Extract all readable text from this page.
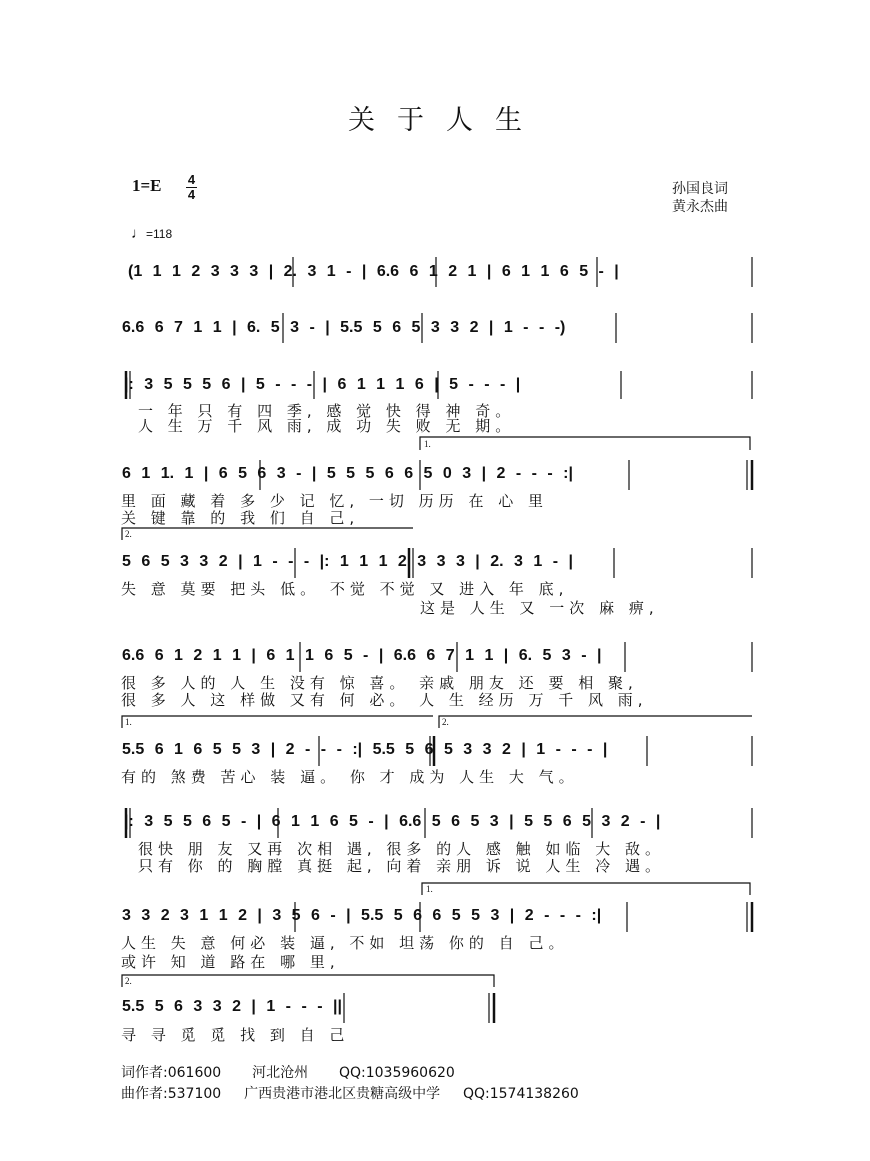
关于人生
1=E 4
4
♩=118
孙国良词
黄永杰曲
1.
2.
1.	2.
1.
2.
(1 1 1 2 3 3 3 | 2. 3 1 - | 6.6 6 1 2 1 | 6 1 1 6 5 - |
6.6 6 7 1 1 | 6. 5 3 - | 5.5 5 6 5 3 3 2 | 1 - - -)
|: 3 5 5 5 6 | 5 - - - | 6 1 1 1 6 | 5 - - - |
一 年 只 有 四 季, 感 觉 快 得 神 奇。
人 生 万 千 风 雨, 成 功 失 败 无 期。
6 1 1. 1 | 6 5 6 3 - | 5 5 5 6 6 5 0 3 | 2 - - - :|
里 面 藏 着 多 少 记 忆, 一切 历历 在 心 里
关 键 靠 的 我 们 自 己,
5 6 5 3 3 2 | 1 - - - |: 1 1 1 2 3 3 3 | 2. 3 1 - |
失 意 莫要 把头 低。 不觉 不觉 又 进入 年 底,
这是 人生 又 一次 麻 痹,
6.6 6 1 2 1 1 | 6 1 1 6 5 - | 6.6 6 7 1 1 | 6. 5 3 - |
很 多 人的 人 生 没有 惊 喜。 亲戚 朋友 还 要 相 聚,
很 多 人 这 样做 又有 何 必。 人 生 经历 万 千 风 雨,
5.5 6 1 6 5 5 3 | 2 - - - :| 5.5 5 6 5 3 3 2 | 1 - - - |
有的 煞费 苦心 装 逼。 你 才 成为 人生 大 气。
|: 3 5 5 6 5 - | 6 1 1 6 5 - | 6.6 5 6 5 3 | 5 5 6 5 3 2 - |
很快 朋 友 又再 次相 遇, 很多 的人 感 触 如临 大 敌。
只有 你 的 胸膛 真挺 起, 向着 亲朋 诉 说 人生 冷 遇。
3 3 2 3 1 1 2 | 3 5 6 - | 5.5 5 6 6 5 5 3 | 2 - - - :|
人生 失 意 何必 装 逼, 不如 坦荡 你的 自 己。
或许 知 道 路在 哪 里,
5.5 5 6 3 3 2 | 1 - - - ||
寻 寻 觅 觅 找 到 自 己
词作者:061600 河北沧州 QQ:1035960620
曲作者:537100 广西贵港市港北区贵糖高级中学 QQ:1574138260
